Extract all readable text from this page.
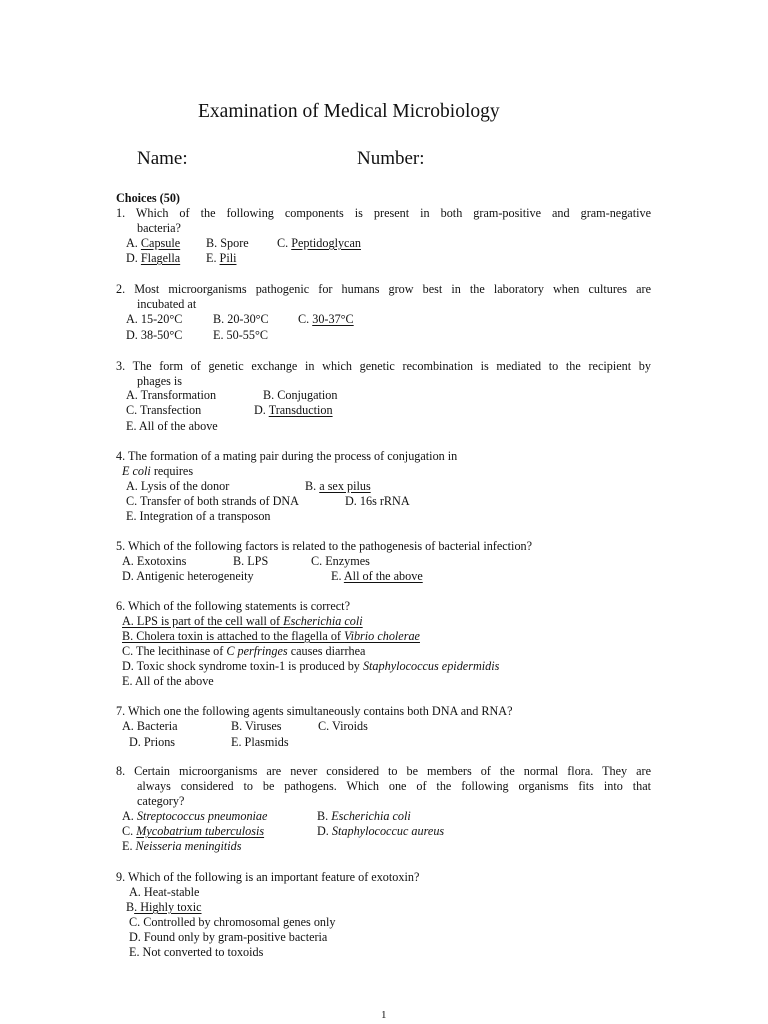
Examination of Medical Microbiology
Name:	Number:
Choices (50)
1. Which of the following components is present in both gram-positive and gram-negative
bacteria?
A. Capsule B. Spore C. Peptidoglycan
D. Flagella E. Pili
2. Most microorganisms pathogenic for humans grow best in the laboratory when cultures are
incubated at
A. 15-20°C	B. 20-30°C C. 30-37°C
D. 38-50°C	E. 50-55°C
3. The form of genetic exchange in which genetic recombination is mediated to the recipient by
phages is
A. Transformation	B. Conjugation
C. Transfection	D. Transduction
E. All of the above
4. The formation of a mating pair during the process of conjugation in
E coli requires
A. Lysis of the donor	B. a sex pilus
C. Transfer of both strands of DNA	D. 16s rRNA
E. Integration of a transposon
5. Which of the following factors is related to the pathogenesis of bacterial infection?
A. Exotoxins	B. LPS	C. Enzymes
D. Antigenic heterogeneity	E. All of the above
6. Which of the following statements is correct?
A. LPS is part of the cell wall of Escherichia coli
B. Cholera toxin is attached to the flagella of Vibrio cholerae
C. The lecithinase of C perfringes causes diarrhea
D. Toxic shock syndrome toxin-1 is produced by Staphylococcus epidermidis
E. All of the above
7. Which one the following agents simultaneously contains both DNA and RNA?
A. Bacteria	B. Viruses	C. Viroids
D. Prions	E. Plasmids
8. Certain microorganisms are never considered to be members of the normal flora. They are
always considered to be pathogens. Which one of the following organisms fits into that
category?
A. Streptococcus pneumoniae	B. Escherichia coli
C. Mycobatrium tuberculosis	D. Staphylococcuc aureus
E. Neisseria meningitids
9. Which of the following is an important feature of exotoxin?
A. Heat-stable
B. Highly toxic
C. Controlled by chromosomal genes only
D. Found only by gram-positive bacteria
E. Not converted to toxoids
1
